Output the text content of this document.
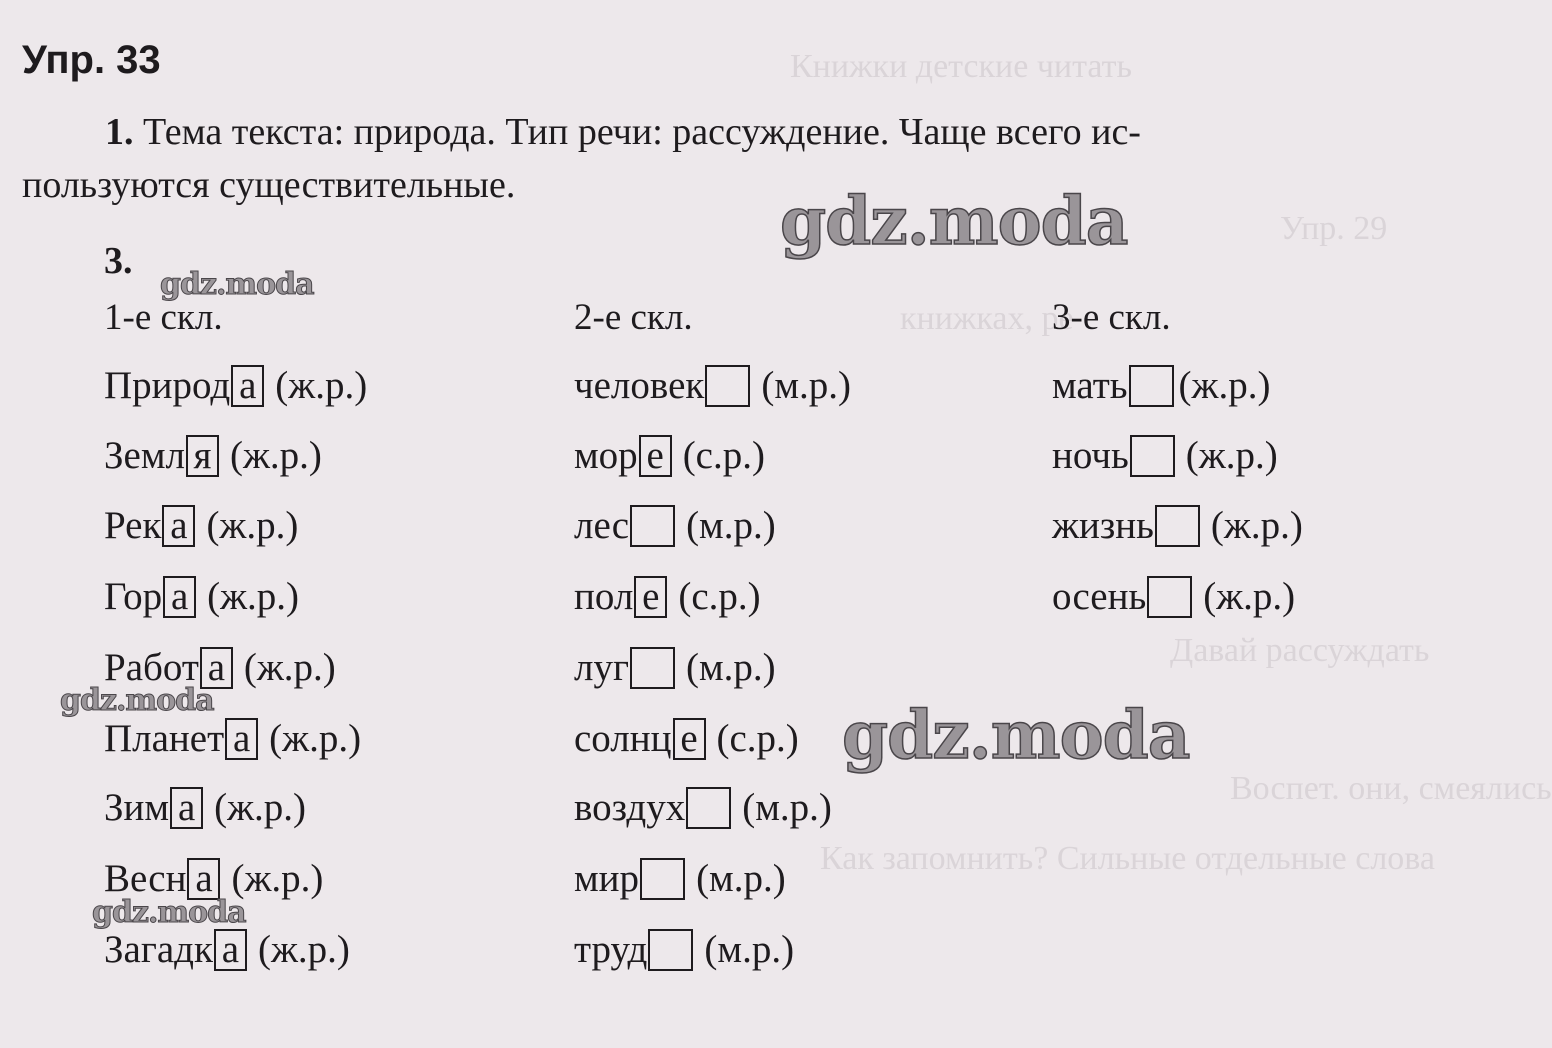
Книжки детские читать
Упр. 29
книжках, ре
Давай рассуждать
Воспет. они, смеялись
Как запомнить? Сильные отдельные слова
Упр. 33
1. Тема текста: природа. Тип речи: рассуждение. Чаще всего ис-
пользуются существительные.
3.
1-е скл.
Природ а (ж.р.)
Земл я (ж.р.)
Рек а (ж.р.)
Гор а (ж.р.)
Работ а (ж.р.)
Планет а (ж.р.)
Зим а (ж.р.)
Весн а (ж.р.)
Загадк а (ж.р.)
2-е скл.
человек (м.р.)
мор е (с.р.)
лес (м.р.)
пол е (с.р.)
луг (м.р.)
солнц е (с.р.)
воздух (м.р.)
мир (м.р.)
труд (м.р.)
3-е скл.
мать (ж.р.)
ночь (ж.р.)
жизнь (ж.р.)
осень (ж.р.)
gdz.moda
gdz.moda
gdz.moda	gdz.moda
gdz.moda
